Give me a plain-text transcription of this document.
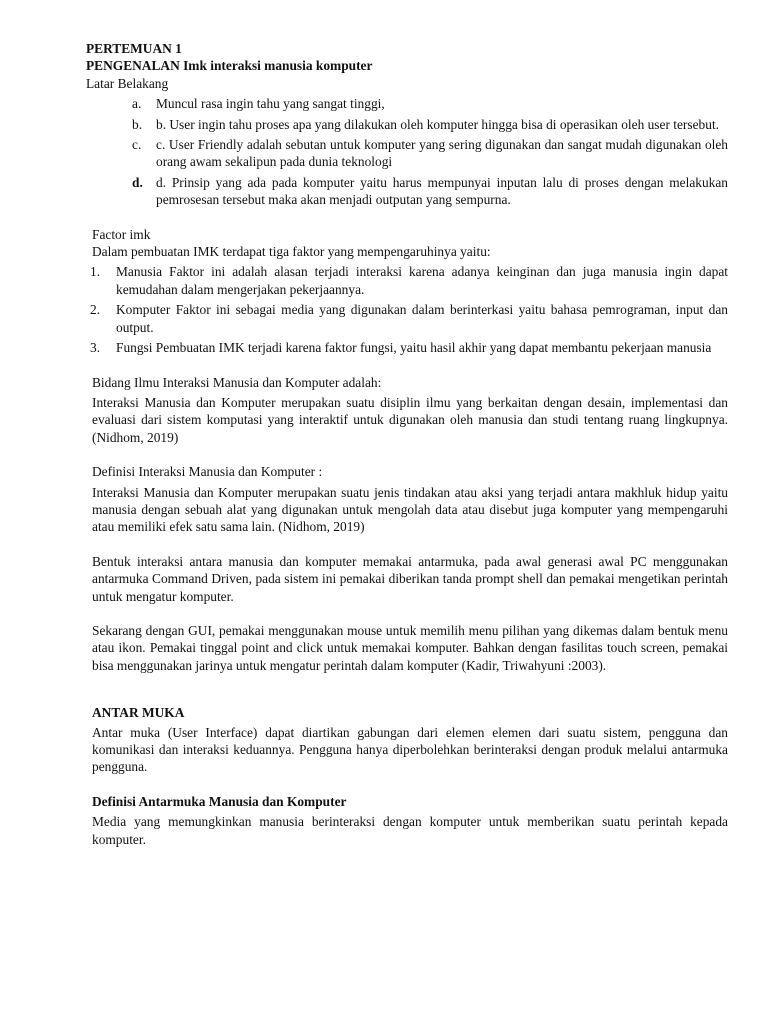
PERTEMUAN 1

PENGENALAN Imk interaksi manusia komputer

Latar Belakang

a. Muncul rasa ingin tahu yang sangat tinggi,
b. b. User ingin tahu proses apa yang dilakukan oleh komputer hingga bisa di operasikan oleh user tersebut.
c. c. User Friendly adalah sebutan untuk komputer yang sering digunakan dan sangat mudah digunakan oleh orang awam sekalipun pada dunia teknologi
d. d. Prinsip yang ada pada komputer yaitu harus mempunyai inputan lalu di proses dengan melakukan pemrosesan tersebut maka akan menjadi outputan yang sempurna.

Factor imk

Dalam pembuatan IMK terdapat tiga faktor yang mempengaruhinya yaitu:

1. Manusia Faktor ini adalah alasan terjadi interaksi karena adanya keinginan dan juga manusia ingin dapat kemudahan dalam mengerjakan pekerjaannya.
2. Komputer Faktor ini sebagai media yang digunakan dalam berinterkasi yaitu bahasa pemrograman, input dan output.
3. Fungsi Pembuatan IMK terjadi karena faktor fungsi, yaitu hasil akhir yang dapat membantu pekerjaan manusia

Bidang Ilmu Interaksi Manusia dan Komputer adalah:

Interaksi Manusia dan Komputer merupakan suatu disiplin ilmu yang berkaitan dengan desain, implementasi dan evaluasi dari sistem komputasi yang interaktif untuk digunakan oleh manusia dan studi tentang ruang lingkupnya.(Nidhom, 2019)

Definisi Interaksi Manusia dan Komputer :

Interaksi Manusia dan Komputer merupakan suatu jenis tindakan atau aksi yang terjadi antara makhluk hidup yaitu manusia dengan sebuah alat yang digunakan untuk mengolah data atau disebut juga komputer yang mempengaruhi atau memiliki efek satu sama lain. (Nidhom, 2019)

Bentuk interaksi antara manusia dan komputer memakai antarmuka, pada awal generasi awal PC menggunakan antarmuka Command Driven, pada sistem ini pemakai diberikan tanda prompt shell dan pemakai mengetikan perintah untuk mengatur komputer.

Sekarang dengan GUI, pemakai menggunakan mouse untuk memilih menu pilihan yang dikemas dalam bentuk menu atau ikon. Pemakai tinggal point and click untuk memakai komputer. Bahkan dengan fasilitas touch screen, pemakai bisa menggunakan jarinya untuk mengatur perintah dalam komputer (Kadir, Triwahyuni :2003).

ANTAR MUKA

Antar muka (User Interface) dapat diartikan gabungan dari elemen elemen dari suatu sistem, pengguna dan komunikasi dan interaksi keduannya. Pengguna hanya diperbolehkan berinteraksi dengan produk melalui antarmuka pengguna.

Definisi Antarmuka Manusia dan Komputer

Media yang memungkinkan manusia berinteraksi dengan komputer untuk memberikan suatu perintah kepada komputer.
